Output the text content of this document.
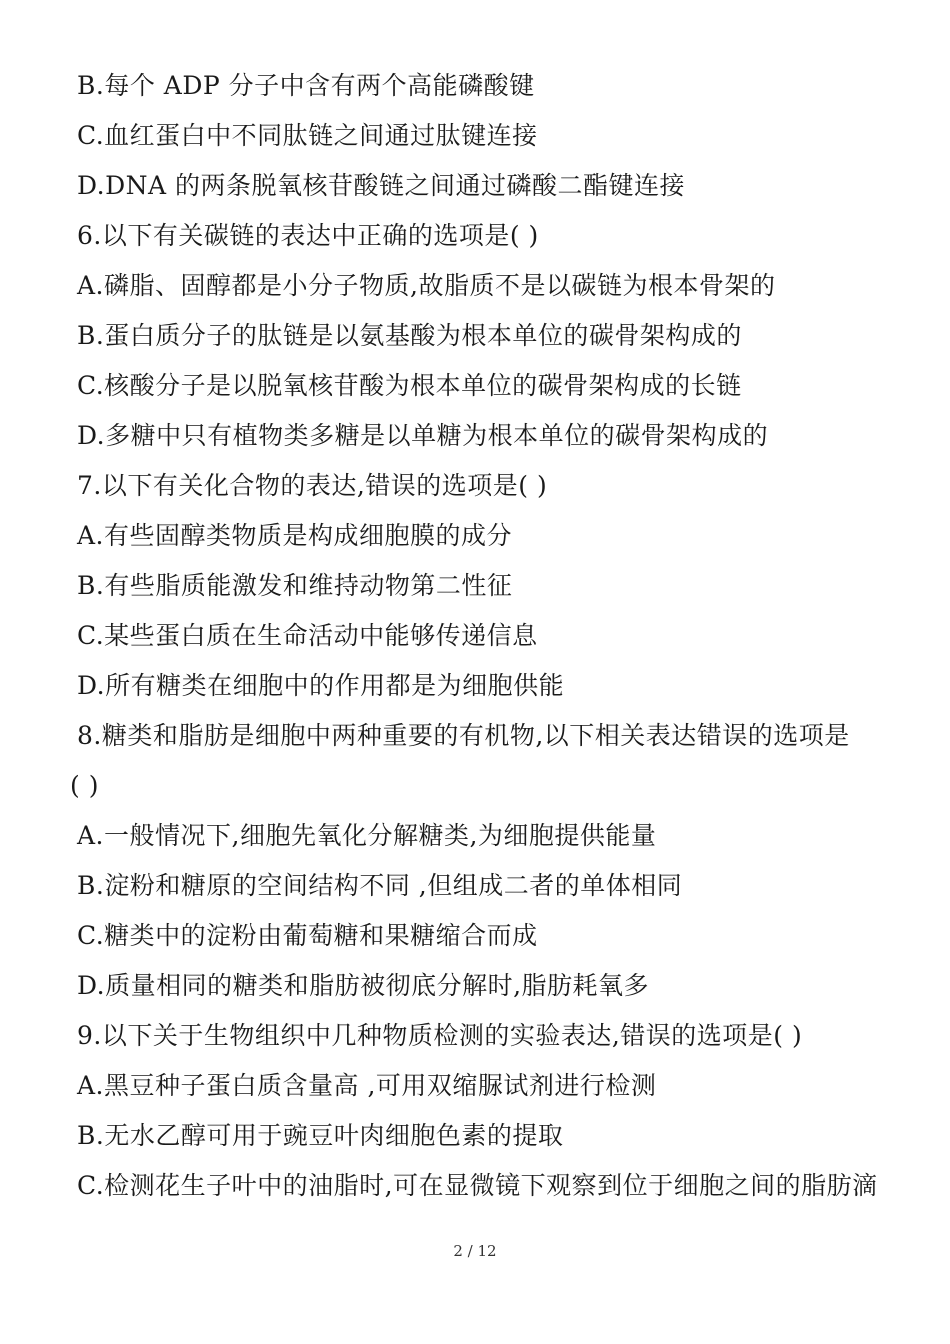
B.每个 ADP 分子中含有两个高能磷酸键
C.血红蛋白中不同肽链之间通过肽键连接
D.DNA 的两条脱氧核苷酸链之间通过磷酸二酯键连接
6.以下有关碳链的表达中正确的选项是( )
A.磷脂、固醇都是小分子物质,故脂质不是以碳链为根本骨架的
B.蛋白质分子的肽链是以氨基酸为根本单位的碳骨架构成的
C.核酸分子是以脱氧核苷酸为根本单位的碳骨架构成的长链
D.多糖中只有植物类多糖是以单糖为根本单位的碳骨架构成的
7.以下有关化合物的表达,错误的选项是( )
A.有些固醇类物质是构成细胞膜的成分
B.有些脂质能激发和维持动物第二性征
C.某些蛋白质在生命活动中能够传递信息
D.所有糖类在细胞中的作用都是为细胞供能
8.糖类和脂肪是细胞中两种重要的有机物,以下相关表达错误的选项是
( )
A.一般情况下,细胞先氧化分解糖类,为细胞提供能量
B.淀粉和糖原的空间结构不同 ,但组成二者的单体相同
C.糖类中的淀粉由葡萄糖和果糖缩合而成
D.质量相同的糖类和脂肪被彻底分解时,脂肪耗氧多
9.以下关于生物组织中几种物质检测的实验表达,错误的选项是( )
A.黑豆种子蛋白质含量高 ,可用双缩脲试剂进行检测
B.无水乙醇可用于豌豆叶肉细胞色素的提取
C.检测花生子叶中的油脂时,可在显微镜下观察到位于细胞之间的脂肪滴
2 / 12
